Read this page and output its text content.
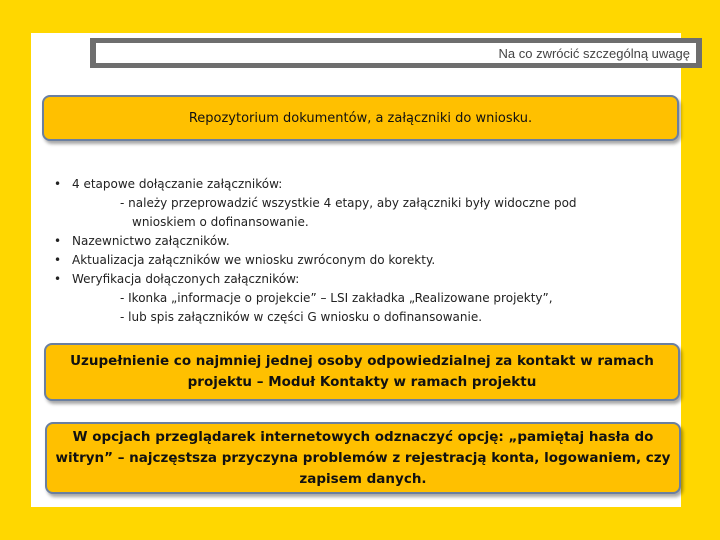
Na co zwrócić szczególną uwagę
Repozytorium dokumentów, a załączniki do wniosku.
• 4 etapowe dołączanie załączników:
- należy przeprowadzić wszystkie 4 etapy, aby załączniki były widoczne pod
wnioskiem o dofinansowanie.
• Nazewnictwo załączników.
• Aktualizacja załączników we wniosku zwróconym do korekty.
• Weryfikacja dołączonych załączników:
- Ikonka „informacje o projekcie” – LSI zakładka „Realizowane projekty”,
- lub spis załączników w części G wniosku o dofinansowanie.
Uzupełnienie co najmniej jednej osoby odpowiedzialnej za kontakt w ramach projektu – Moduł Kontakty w ramach projektu
W opcjach przeglądarek internetowych odznaczyć opcję: „pamiętaj hasła do witryn” – najczęstsza przyczyna problemów z rejestracją konta, logowaniem, czy zapisem danych.
